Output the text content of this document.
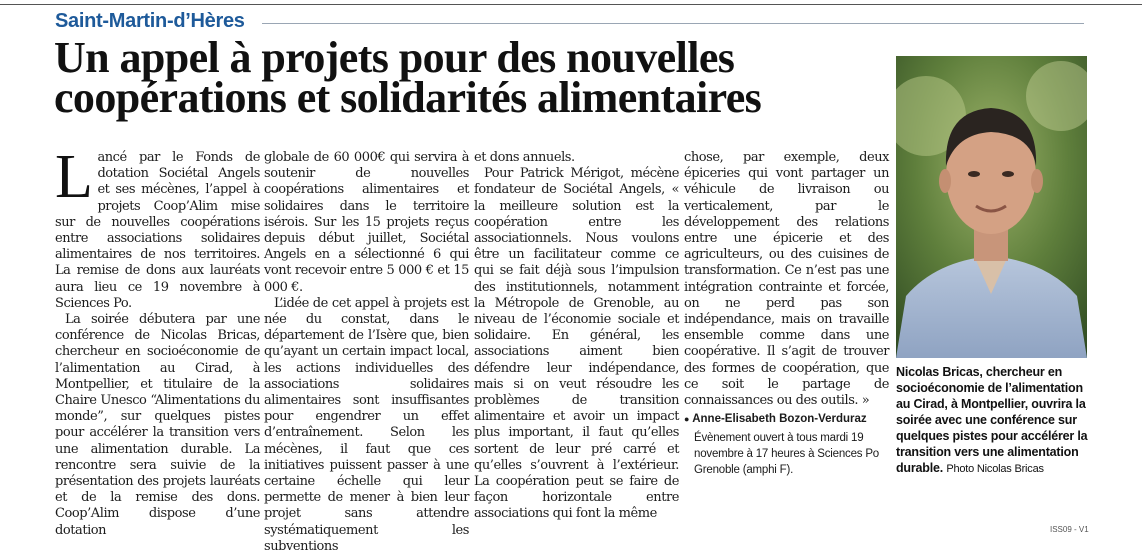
Saint-Martin-d’Hères
Un appel à projets pour des nouvelles coopérations et solidarités alimentaires

Lancé par le Fonds de dotation Sociétal Angels et ses mécènes, l’appel à projets Coop’Alim mise sur de nouvelles coopérations entre associations solidaires alimentaires de nos territoires. La remise de dons aux lauréats aura lieu ce 19 novembre à Sciences Po.

La soirée débutera par une conférence de Nicolas Bricas, chercheur en socioéconomie de l’alimentation au Cirad, à Montpellier, et titulaire de la Chaire Unesco “Alimentations du monde”, sur quelques pistes pour accélérer la transition vers une alimentation durable. La rencontre sera suivie de la présentation des projets lauréats et de la remise des dons. Coop’Alim dispose d’une dotation

globale de 60 000€ qui servira à soutenir de nouvelles coopérations alimentaires et solidaires dans le territoire isérois. Sur les 15 projets reçus depuis début juillet, Sociétal Angels en a sélectionné 6 qui vont recevoir entre 5 000 € et 15 000 €.

L’idée de cet appel à projets est née du constat, dans le département de l’Isère que, bien qu’ayant un certain impact local, les actions individuelles des associations solidaires alimentaires sont insuffisantes pour engendrer un effet d’entraînement. Selon les mécènes, il faut que ces initiatives puissent passer à une certaine échelle qui leur permette de mener à bien leur projet sans attendre systématiquement les subventions

et dons annuels.

Pour Patrick Mérigot, mécène fondateur de Sociétal Angels, « la meilleure solution est la coopération entre les associationnels. Nous voulons être un facilitateur comme ce qui se fait déjà sous l’impulsion des institutionnels, notamment la Métropole de Grenoble, au niveau de l’économie sociale et solidaire. En général, les associations aiment bien défendre leur indépendance, mais si on veut résoudre les problèmes de transition alimentaire et avoir un impact plus important, il faut qu’elles sortent de leur pré carré et qu’elles s’ouvrent à l’extérieur. La coopération peut se faire de façon horizontale entre associations qui font la même

chose, par exemple, deux épiceries qui vont partager un véhicule de livraison ou verticalement, par le développement des relations entre une épicerie et des agriculteurs, ou des cuisines de transformation. Ce n’est pas une intégration contrainte et forcée, on ne perd pas son indépendance, mais on travaille ensemble comme dans une coopérative. Il s’agit de trouver des formes de coopération, que ce soit le partage de connaissances ou des outils. »

● Anne-Elisabeth Bozon-Verduraz
Évènement ouvert à tous mardi 19 novembre à 17 heures à Sciences Po Grenoble (amphi F).
Nicolas Bricas, chercheur en socioéconomie de l’alimentation au Cirad, à Montpellier, ouvrira la soirée avec une conférence sur quelques pistes pour accélérer la transition vers une alimentation durable. Photo Nicolas Bricas
ISS09 - V1
